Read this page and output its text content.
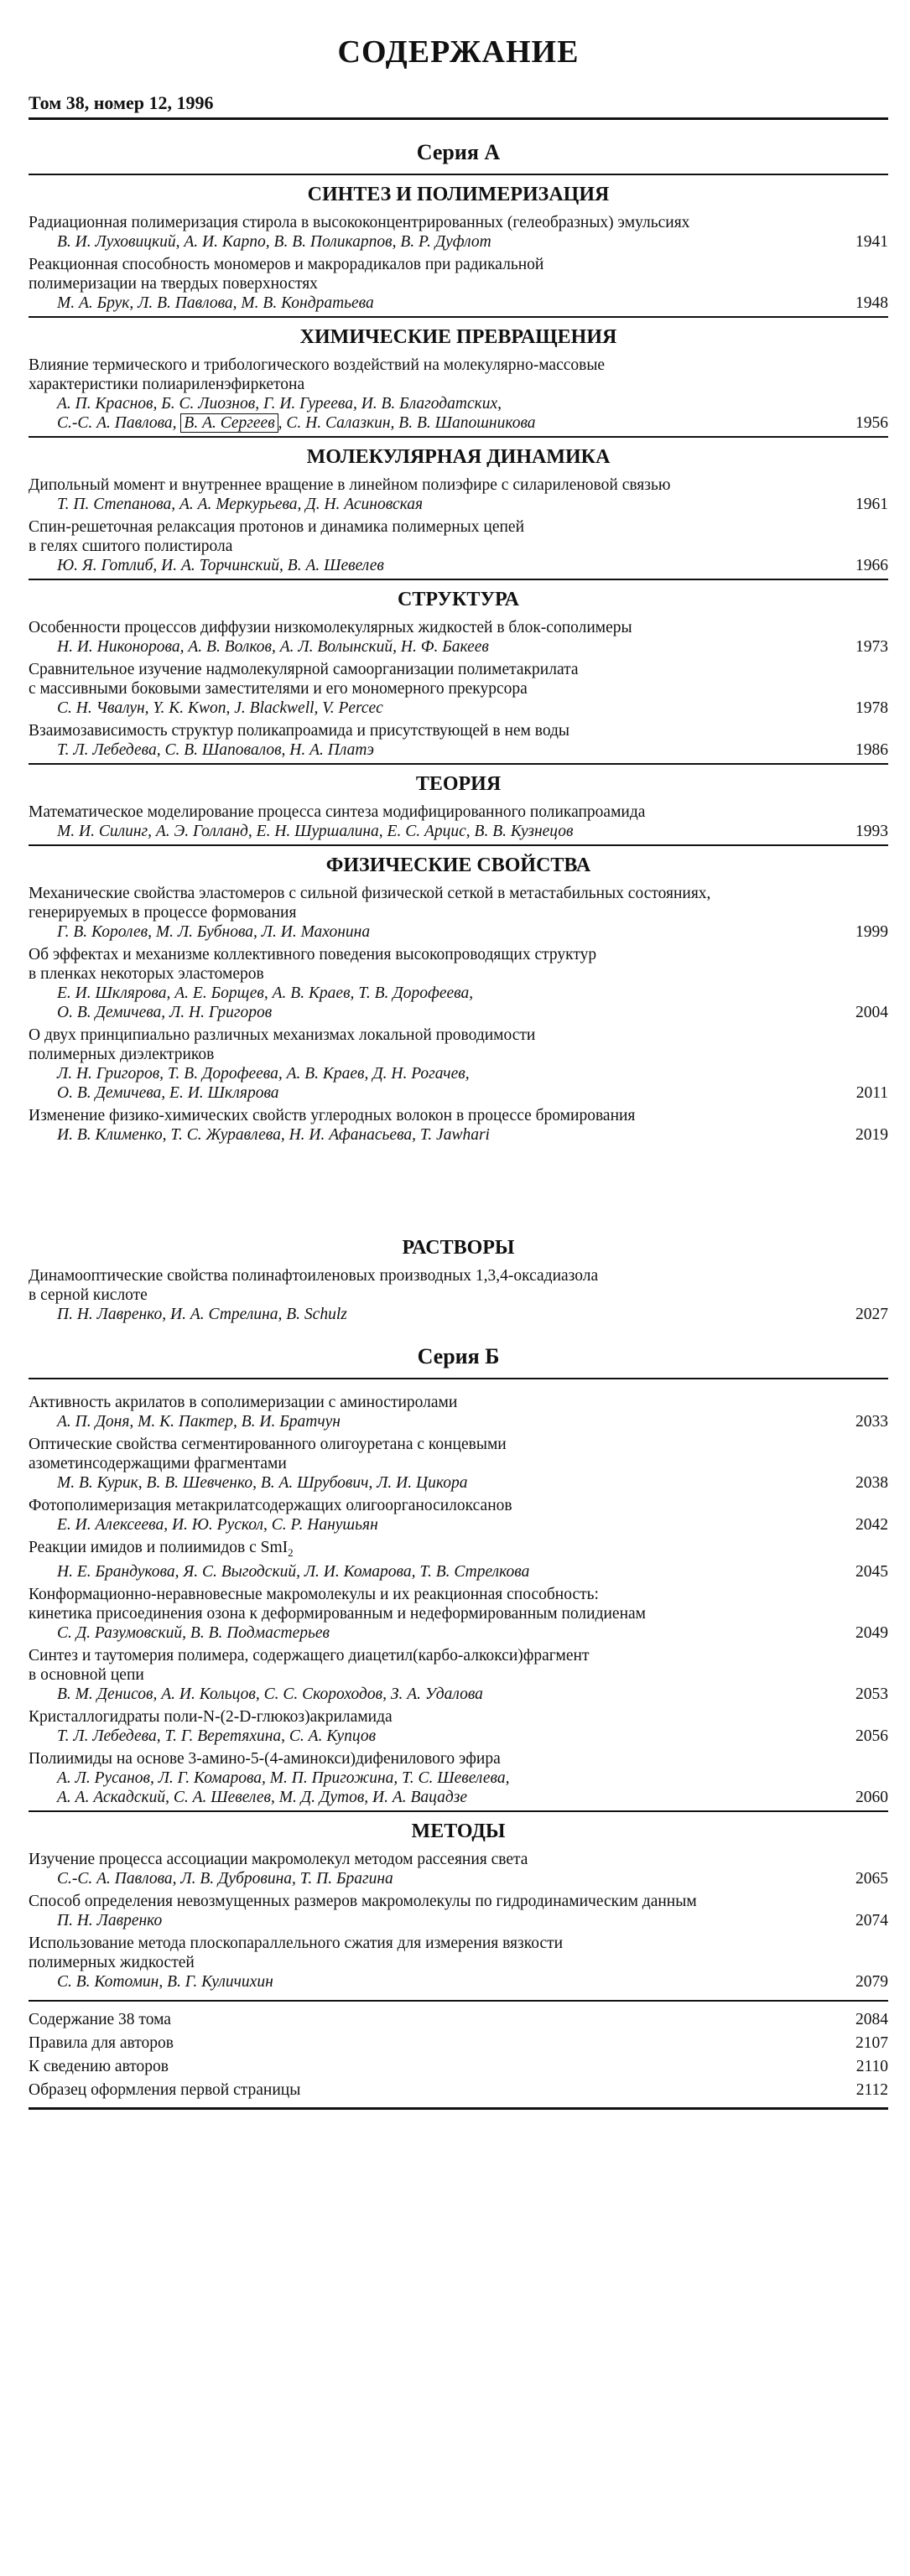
СОДЕРЖАНИЕ
Том 38, номер 12, 1996
Серия А
СИНТЕЗ И ПОЛИМЕРИЗАЦИЯ
Радиационная полимеризация стирола в высококонцентрированных (гелеобразных) эмульсиях
В. И. Луховицкий, А. И. Карпо, В. В. Поликарпов, В. Р. Дуфлот	1941
Реакционная способность мономеров и макрорадикалов при радикальной
полимеризации на твердых поверхностях
М. А. Брук, Л. В. Павлова, М. В. Кондратьева	1948
ХИМИЧЕСКИЕ ПРЕВРАЩЕНИЯ
Влияние термического и трибологического воздействий на молекулярно-массовые
характеристики полиариленэфиркетона
А. П. Краснов, Б. С. Лиознов, Г. И. Гуреева, И. В. Благодатских,
С.-С. А. Павлова, В. А. Сергеев , С. Н. Салазкин, В. В. Шапошникова	1956
МОЛЕКУЛЯРНАЯ ДИНАМИКА
Дипольный момент и внутреннее вращение в линейном полиэфире с силариленовой связью
Т. П. Степанова, А. А. Меркурьева, Д. Н. Асиновская	1961
Спин-решеточная релаксация протонов и динамика полимерных цепей
в гелях сшитого полистирола
Ю. Я. Готлиб, И. А. Торчинский, В. А. Шевелев	1966
СТРУКТУРА
Особенности процессов диффузии низкомолекулярных жидкостей в блок-сополимеры
Н. И. Никонорова, А. В. Волков, А. Л. Волынский, Н. Ф. Бакеев	1973
Сравнительное изучение надмолекулярной самоорганизации полиметакрилата
с массивными боковыми заместителями и его мономерного прекурсора
С. Н. Чвалун, Y. K. Kwon, J. Blackwell, V. Percec	1978
Взаимозависимость структур поликапроамида и присутствующей в нем воды
Т. Л. Лебедева, С. В. Шаповалов, Н. А. Платэ	1986
ТЕОРИЯ
Математическое моделирование процесса синтеза модифицированного поликапроамида
М. И. Силинг, А. Э. Голланд, Е. Н. Шуршалина, Е. С. Арцис, В. В. Кузнецов	1993
ФИЗИЧЕСКИЕ СВОЙСТВА
Механические свойства эластомеров с сильной физической сеткой в метастабильных состояниях,
генерируемых в процессе формования
Г. В. Королев, М. Л. Бубнова, Л. И. Махонина	1999
Об эффектах и механизме коллективного поведения высокопроводящих структур
в пленках некоторых эластомеров
Е. И. Шклярова, А. Е. Борщев, А. В. Краев, Т. В. Дорофеева,
О. В. Демичева, Л. Н. Григоров	2004
О двух принципиально различных механизмах локальной проводимости
полимерных диэлектриков
Л. Н. Григоров, Т. В. Дорофеева, А. В. Краев, Д. Н. Рогачев,
О. В. Демичева, Е. И. Шклярова	2011
Изменение физико-химических свойств углеродных волокон в процессе бромирования
И. В. Клименко, Т. С. Журавлева, Н. И. Афанасьева, T. Jawhari	2019
РАСТВОРЫ
Динамооптические свойства полинафтоиленовых производных 1,3,4-оксадиазола
в серной кислоте
П. Н. Лавренко, И. А. Стрелина, B. Schulz	2027
Серия Б
Активность акрилатов в сополимеризации с аминостиролами
А. П. Доня, М. К. Пактер, В. И. Братчун	2033
Оптические свойства сегментированного олигоуретана с концевыми
азометинсодержащими фрагментами
М. В. Курик, В. В. Шевченко, В. А. Шрубович, Л. И. Цикора	2038
Фотополимеризация метакрилатсодержащих олигоорганосилоксанов
Е. И. Алексеева, И. Ю. Рускол, С. Р. Нанушьян	2042
Реакции имидов и полиимидов с SmI$_2$
Н. Е. Брандукова, Я. С. Выгодский, Л. И. Комарова, Т. В. Стрелкова	2045
Конформационно-неравновесные макромолекулы и их реакционная способность:
кинетика присоединения озона к деформированным и недеформированным полидиенам
С. Д. Разумовский, В. В. Подмастерьев	2049
Синтез и таутомерия полимера, содержащего диацетил(карбо-алкокси)фрагмент
в основной цепи
В. М. Денисов, А. И. Кольцов, С. С. Скороходов, З. А. Удалова	2053
Кристаллогидраты поли-N-(2-D-глюкоз)акриламида
Т. Л. Лебедева, Т. Г. Веретяхина, С. А. Купцов	2056
Полиимиды на основе 3-амино-5-(4-аминокси)дифенилового эфира
А. Л. Русанов, Л. Г. Комарова, М. П. Пригожина, Т. С. Шевелева,
А. А. Аскадский, С. А. Шевелев, М. Д. Дутов, И. А. Вацадзе	2060
МЕТОДЫ
Изучение процесса ассоциации макромолекул методом рассеяния света
С.-С. А. Павлова, Л. В. Дубровина, Т. П. Брагина	2065
Способ определения невозмущенных размеров макромолекулы по гидродинамическим данным
П. Н. Лавренко	2074
Использование метода плоскопараллельного сжатия для измерения вязкости
полимерных жидкостей
С. В. Котомин, В. Г. Куличихин	2079
Содержание 38 тома	2084
Правила для авторов	2107
К сведению авторов	2110
Образец оформления первой страницы	2112
